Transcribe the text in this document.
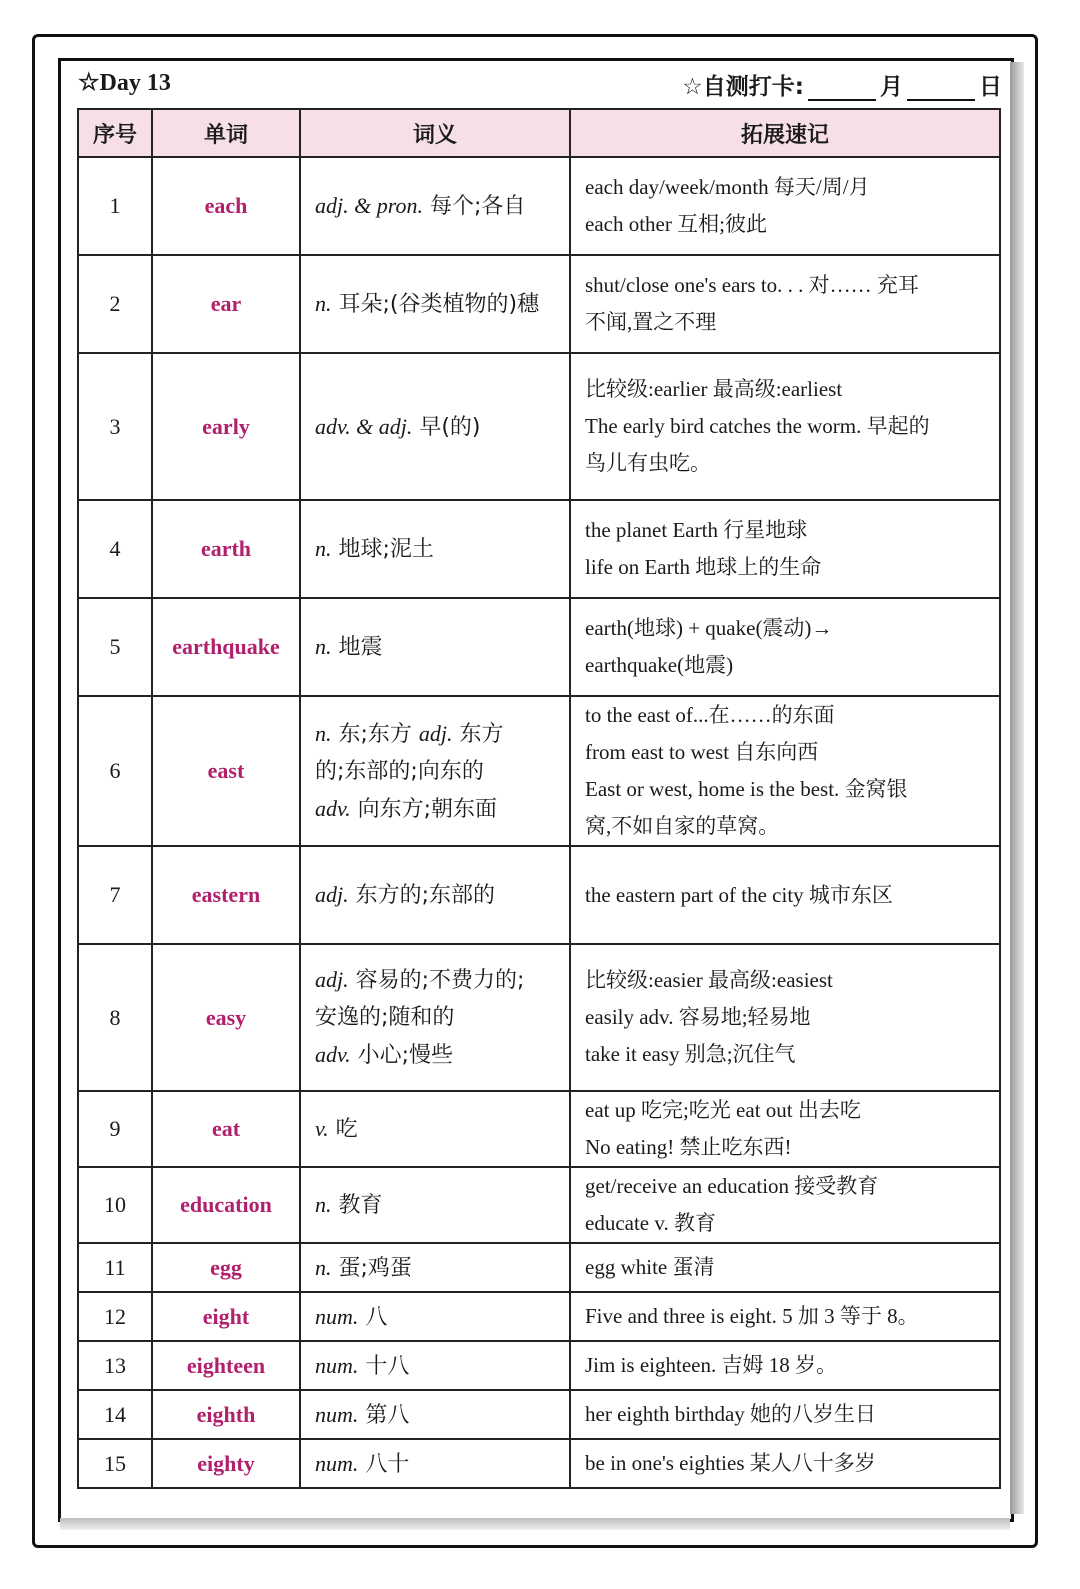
☆Day 13	☆自测打卡:	月	日
序号	单词	词义	拓展速记
1	each	adj. & pron. 每个;各自	each day/week/month 每天/周/月
each other 互相;彼此

2	ear	n. 耳朵;(谷类植物的)穗	shut/close one's ears to. . . 对…… 充耳
不闻,置之不理

3	early	adv. & adj. 早(的)	比较级:earlier 最高级:earliest
The early bird catches the worm. 早起的
鸟儿有虫吃。

4	earth	n. 地球;泥土	the planet Earth 行星地球
life on Earth 地球上的生命

5	earthquake	n. 地震	earth(地球) + quake(震动)→
earthquake(地震)

6	east	n. 东;东方 adj. 东方
的;东部的;向东的
adv. 向东方;朝东面	to the east of...在……的东面
from east to west 自东向西
East or west, home is the best. 金窝银
窝,不如自家的草窝。

7	eastern	adj. 东方的;东部的	the eastern part of the city 城市东区

8	easy	adj. 容易的;不费力的;
安逸的;随和的
adv. 小心;慢些	比较级:easier 最高级:easiest
easily adv. 容易地;轻易地
take it easy 别急;沉住气

9	eat	v. 吃	eat up 吃完;吃光 eat out 出去吃
No eating! 禁止吃东西!

10	education	n. 教育	get/receive an education 接受教育
educate v. 教育

11	egg	n. 蛋;鸡蛋	egg white 蛋清

12	eight	num. 八	Five and three is eight. 5 加 3 等于 8。

13	eighteen	num. 十八	Jim is eighteen. 吉姆 18 岁。

14	eighth	num. 第八	her eighth birthday 她的八岁生日

15	eighty	num. 八十	be in one's eighties 某人八十多岁
